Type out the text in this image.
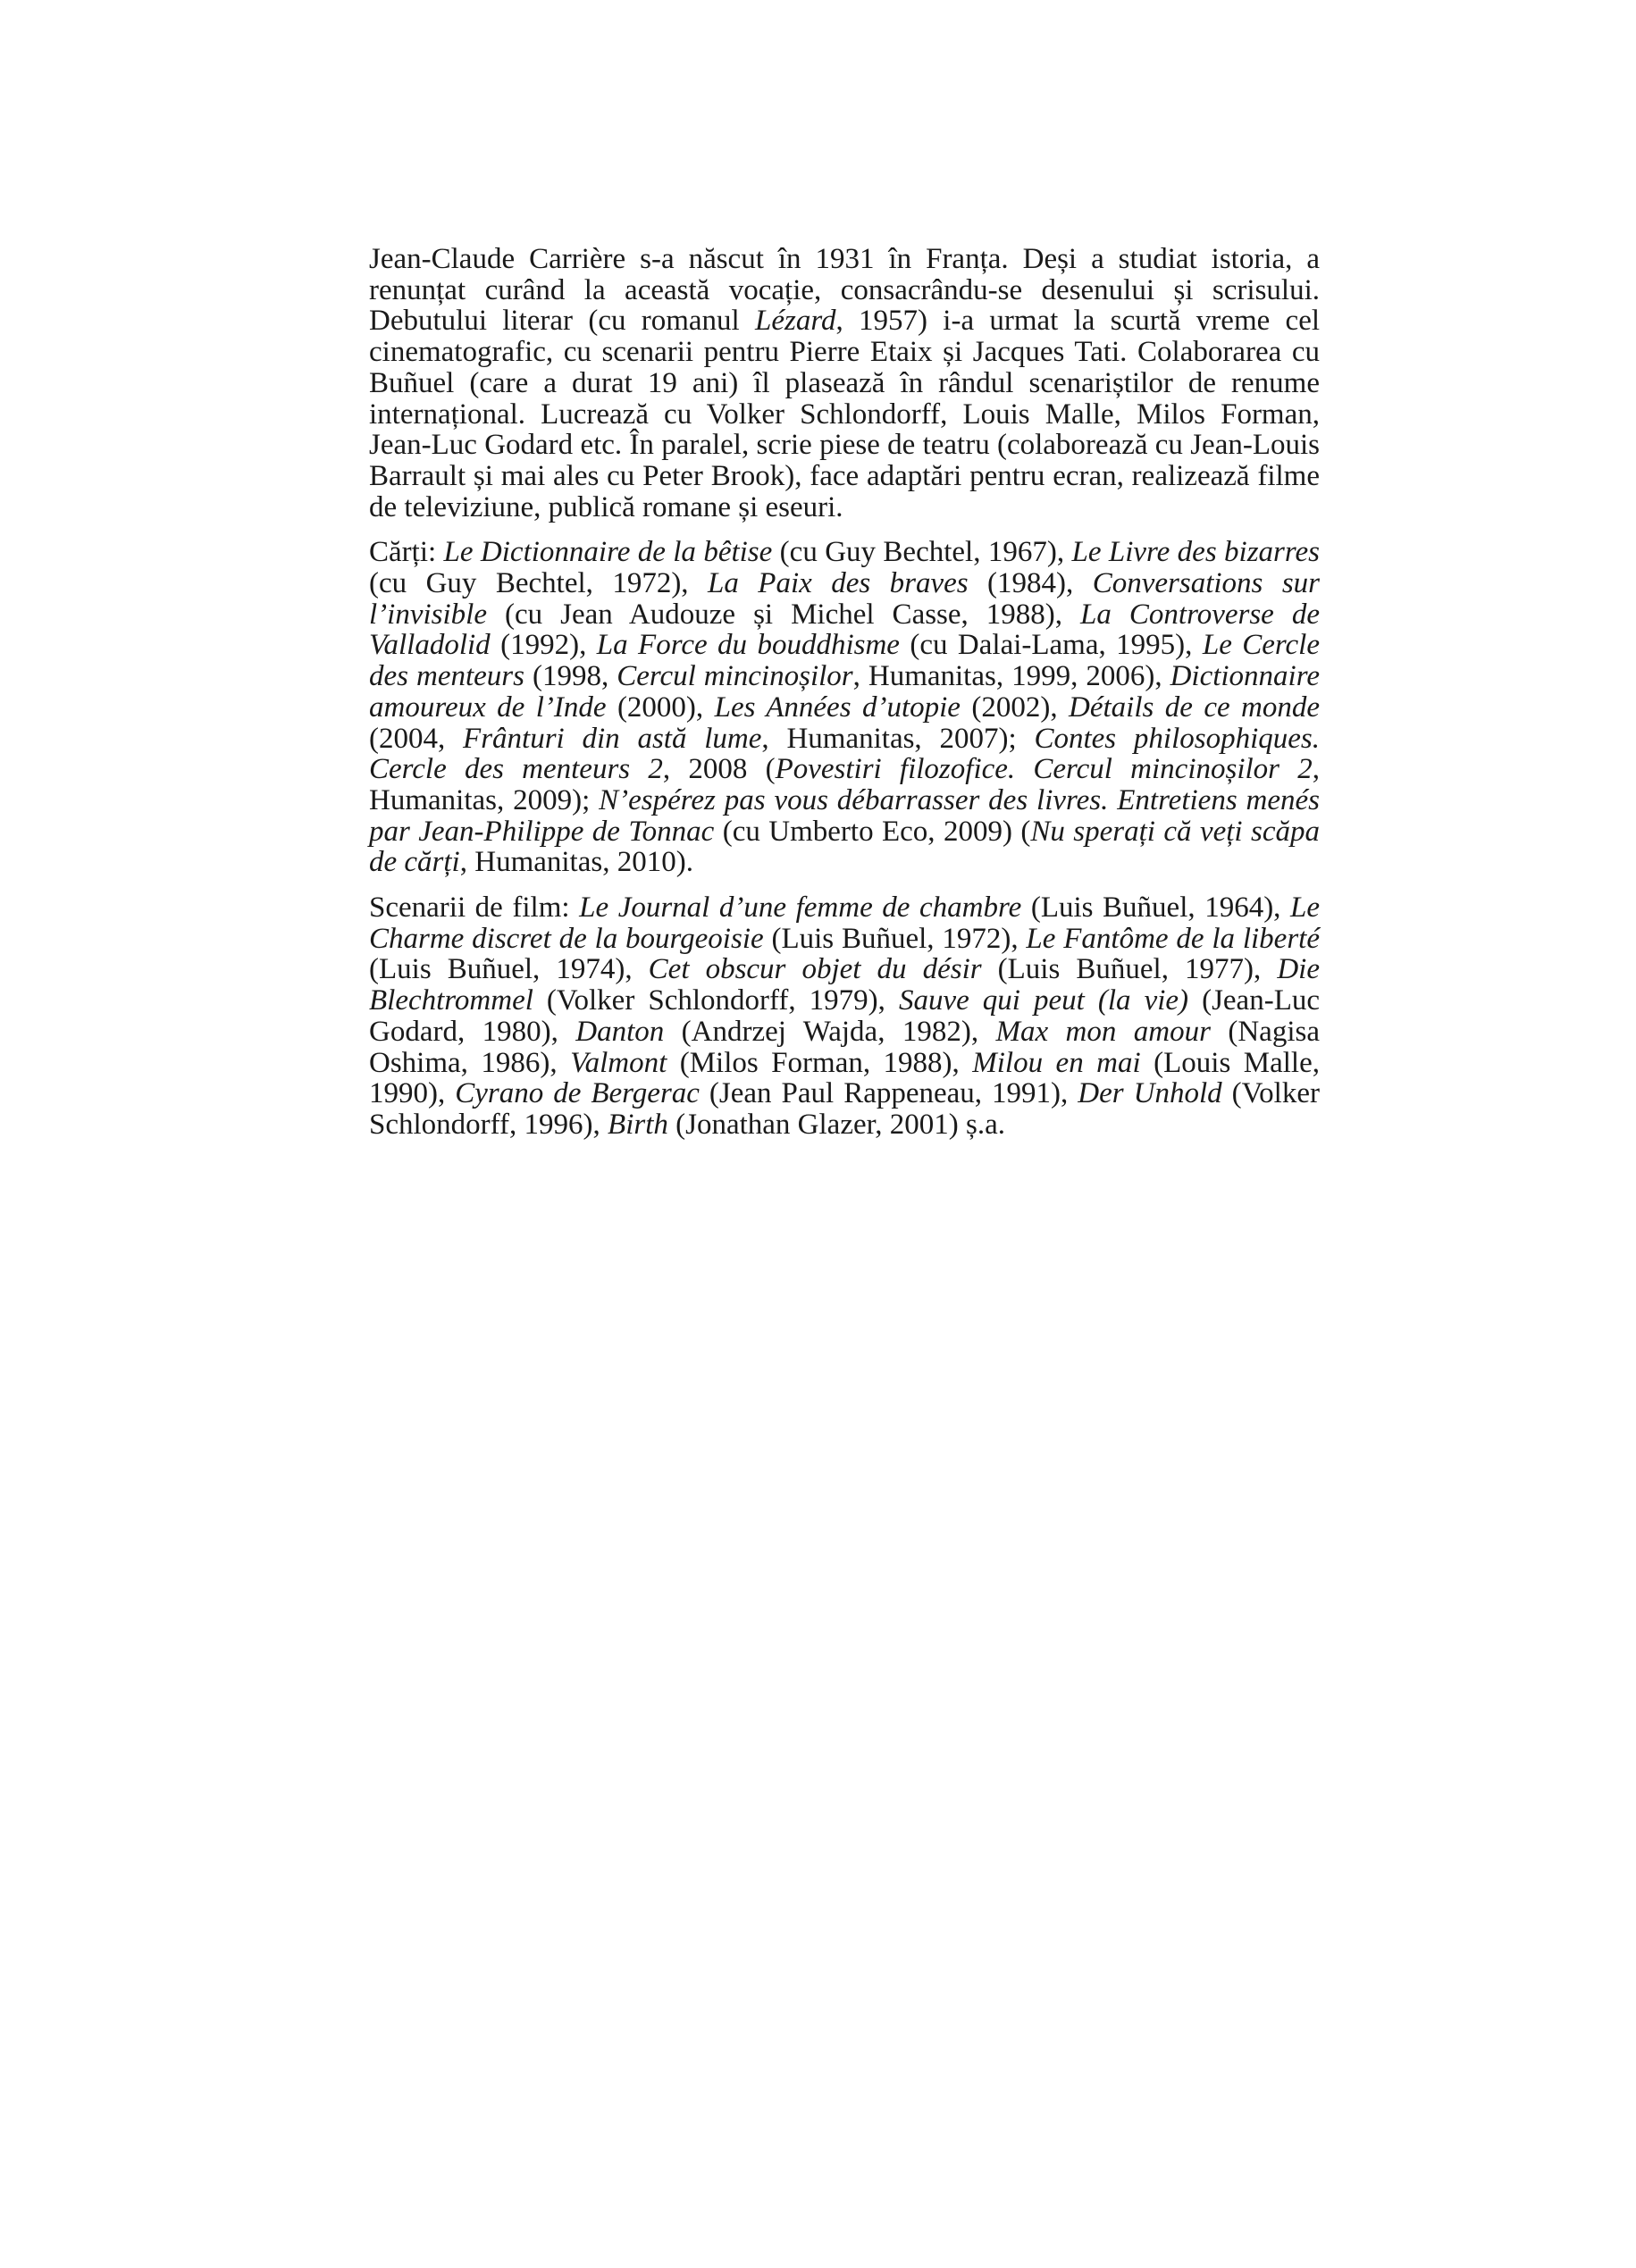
Jean-Claude Carrière s-a născut în 1931 în Franța. Deși a studiat istoria, a renunțat curând la această vocație, consacrându-se desenului și scrisului. Debutului literar (cu romanul Lézard, 1957) i-a urmat la scurtă vreme cel cinematografic, cu scenarii pentru Pierre Etaix și Jacques Tati. Colaborarea cu Buñuel (care a durat 19 ani) îl plasează în rândul scenariștilor de renume internațional. Lucrează cu Volker Schlondorff, Louis Malle, Milos Forman, Jean-Luc Godard etc. În paralel, scrie piese de teatru (colaborează cu Jean-Louis Barrault și mai ales cu Peter Brook), face adaptări pentru ecran, realizează filme de televiziune, publică romane și eseuri.

Cărți: Le Dictionnaire de la bêtise (cu Guy Bechtel, 1967), Le Livre des bizarres (cu Guy Bechtel, 1972), La Paix des braves (1984), Conversations sur l’invisible (cu Jean Audouze și Michel Casse, 1988), La Controverse de Valladolid (1992), La Force du bouddhisme (cu Dalai-Lama, 1995), Le Cercle des menteurs (1998, Cercul mincinoșilor, Humanitas, 1999, 2006), Dictionnaire amoureux de l’Inde (2000), Les Années d’utopie (2002), Détails de ce monde (2004, Frânturi din astă lume, Humanitas, 2007); Contes philosophiques. Cercle des menteurs 2, 2008 (Povestiri filozofice. Cercul mincinoșilor 2, Humanitas, 2009); N’espérez pas vous débarrasser des livres. Entretiens menés par Jean-Philippe de Tonnac (cu Umberto Eco, 2009) (Nu sperați că veți scăpa de cărți, Humanitas, 2010).

Scenarii de film: Le Journal d’une femme de chambre (Luis Buñuel, 1964), Le Charme discret de la bourgeoisie (Luis Buñuel, 1972), Le Fantôme de la liberté (Luis Buñuel, 1974), Cet obscur objet du désir (Luis Buñuel, 1977), Die Blechtrommel (Volker Schlondorff, 1979), Sauve qui peut (la vie) (Jean-Luc Godard, 1980), Danton (Andrzej Wajda, 1982), Max mon amour (Nagisa Oshima, 1986), Valmont (Milos Forman, 1988), Milou en mai (Louis Malle, 1990), Cyrano de Bergerac (Jean Paul Rappeneau, 1991), Der Unhold (Volker Schlondorff, 1996), Birth (Jonathan Glazer, 2001) ș.a.
